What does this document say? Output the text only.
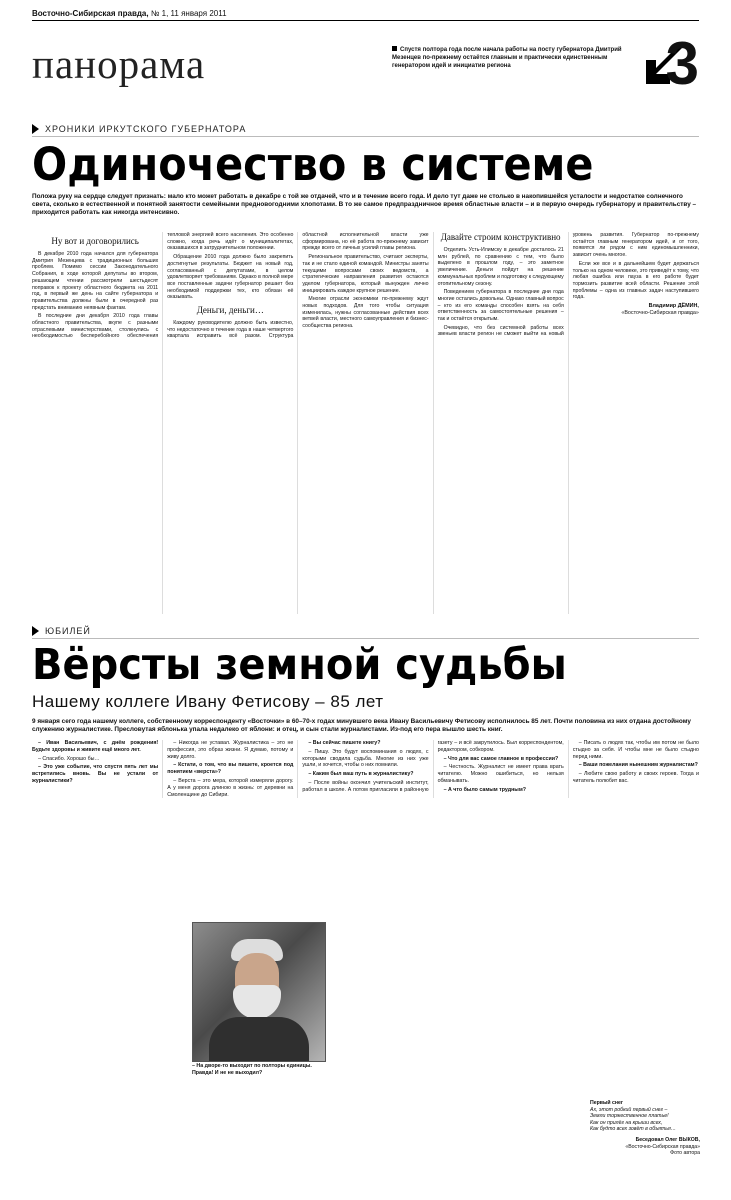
Восточно-Сибирская правда,
№ 1, 11 января 2011
панорама	Спустя полтора года после начала работы на посту губернатора Дмитрий Мезенцев по-прежнему остаётся главным и практически единственным генератором идей и инициатив региона	3
ХРОНИКИ ИРКУТСКОГО ГУБЕРНАТОРА
Одиночество в системе
Положа руку на сердце следует признать: мало кто может работать в декабре с той же отдачей, что и в течение всего года. И дело тут даже не столько в накопившейся усталости и недостатке солнечного света, сколько в естественной и понятной занятости семейными предновогодними хлопотами. В то же самое предпраздничное время областные власти – и в первую очередь губернатору и правительству – приходится работать как никогда интенсивно.
Ну вот и договорились

В декабре 2010 года начался для губернатора Дмитрия Мезенцева с традиционных больших проблем. Помимо сессии Законодательного Собрания, в ходе которой депутаты во втором, решающем чтении рассмотрели шестьдесят поправок к проекту областного бюджета на 2011 год, в первый же день на сайте губернатора и правительства должны были в очередной раз предстать вниманию неявным фактам.

В последние дни декабря 2010 года главы областного правительства, вкупе с разными отраслевыми министерствами, столкнулись с необходимостью бесперебойного обеспечения тепловой энергией всего населения. Это особенно сложно, когда речь идёт о муниципалитетах, оказавшихся в затруднительном положении.

Обращение 2010 года должно было закрепить достигнутые результаты. Бюджет на новый год, согласованный с депутатами, в целом удовлетворяет требованиям. Однако в полной мере все поставленные задачи губернатор решает без необходимой поддержки тех, кто обязан её оказывать.

Деньги, деньги…

Каждому руководителю должно быть известно, что недостаточно в течение года в наше четвертого квартала исправить всё разом. Структура областной исполнительной власти уже сформирована, но её работа по-прежнему зависит прежде всего от личных усилий главы региона.

Региональное правительство, считают эксперты, так и не стало единой командой. Министры заняты текущими вопросами своих ведомств, а стратегические направления развития остаются уделом губернатора, который вынужден лично инициировать каждое крупное решение.

Многие отрасли экономики по-прежнему ждут новых подходов. Для того чтобы ситуация изменилась, нужны согласованные действия всех ветвей власти, местного самоуправления и бизнес-сообщества региона.

Давайте строим конструктивно

Отделить Усть-Илимску в декабре досталось 21 млн рублей, по сравнению с тем, что было выделено в прошлом году, – это заметное увеличение. Деньги пойдут на решение коммунальных проблем и подготовку к следующему отопительному сезону.

Поведением губернатора в последние дни года многие остались довольны. Однако главный вопрос – кто из его команды способен взять на себя ответственность за самостоятельные решения – так и остаётся открытым.

Очевидно, что без системной работы всех звеньев власти регион не сможет выйти на новый уровень развития. Губернатор по-прежнему остаётся главным генератором идей, и от того, появятся ли рядом с ним единомышленники, зависит очень многое.

Если же все и в дальнейшем будет держаться только на одном человеке, это приведёт к тому, что любая ошибка или пауза в его работе будет тормозить развитие всей области. Решение этой проблемы – одна из главных задач наступившего года.

Владимир ДЁМИН,
«Восточно-Сибирская правда»
ЮБИЛЕЙ
Вёрсты земной судьбы
Нашему коллеге Ивану Фетисову – 85 лет
9 января сего года нашему коллеге, собственному корреспонденту «Восточки» в 60–70-х годах минувшего века Ивану Васильевичу Фетисову исполнилось 85 лет. Почти половина из них отдана достойному служению журналистике. Пресловутая яблонька упала недалеко от яблони: и отец, и сын стали журналистами. Из-под его пера вышло шесть книг.

– Иван Васильевич, с днём рождения! Будьте здоровы и живите ещё много лет.

– Спасибо. Хорошо бы…

– Это уже событие, что спустя пять лет мы встретились вновь. Вы не устали от журналистики?

– Никогда не уставал. Журналистика – это не профессия, это образ жизни. Я думаю, потому и живу долго.

– Кстати, о том, что вы пишете, кроется под понятием «верста»?

– Верста – это мера, которой измеряли дорогу. А у меня дорога длиною в жизнь: от деревни на Смоленщине до Сибири.

– Вы сейчас пишете книгу?

– Пишу. Это будут воспоминания о людях, с которыми сводила судьба. Многие из них уже ушли, и хочется, чтобы о них помнили.

– Каким был ваш путь в журналистику?

– После войны окончил учительский институт, работал в школе. А потом пригласили в районную газету – и всё закрутилось. Был корреспондентом, редактором, собкором.

– Что для вас самое главное в профессии?

– Честность. Журналист не имеет права врать читателю. Можно ошибиться, но нельзя обманывать.

– А что было самым трудным?

– Писать о людях так, чтобы им потом не было стыдно за себя. И чтобы мне не было стыдно перед ними.

– Ваши пожелания нынешним журналистам?

– Любите свою работу и своих героев. Тогда и читатель полюбит вас.

– На дворе-то выходит по полторы единицы. Правда! И не не выходил?
Первый снег
Ах, этот робкий первый снег –
Земли торжественное платье!
Как он прилёг на крыши всех,
Как будто всех зовёт в объятья…
Беседовал Олег ВЫКОВ,
«Восточно-Сибирская правда»
Фото автора
